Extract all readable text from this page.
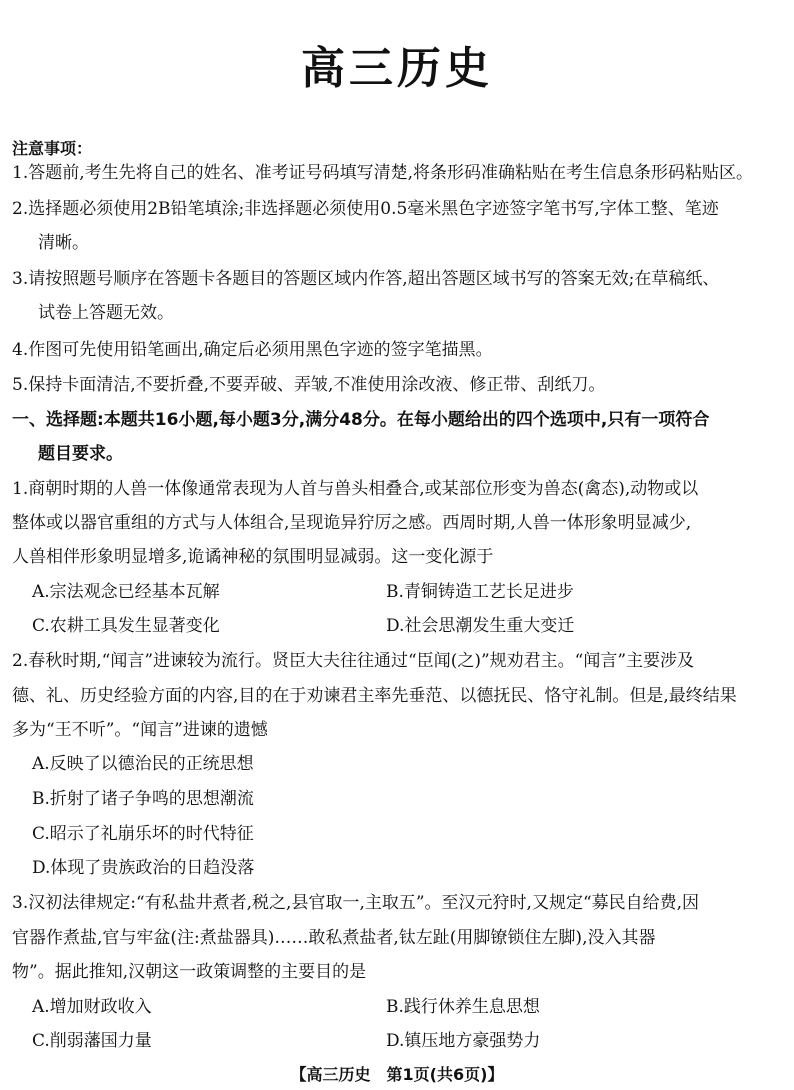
高三历史
注意事项：
1.答题前,考生先将自己的姓名、准考证号码填写清楚,将条形码准确粘贴在考生信息条形码粘贴区。
2.选择题必须使用2B铅笔填涂;非选择题必须使用0.5毫米黑色字迹签字笔书写,字体工整、笔迹
清晰。
3.请按照题号顺序在答题卡各题目的答题区域内作答,超出答题区域书写的答案无效;在草稿纸、
试卷上答题无效。
4.作图可先使用铅笔画出,确定后必须用黑色字迹的签字笔描黑。
5.保持卡面清洁,不要折叠,不要弄破、弄皱,不准使用涂改液、修正带、刮纸刀。
一、选择题:本题共16小题,每小题3分,满分48分。在每小题给出的四个选项中,只有一项符合
题目要求。
1.商朝时期的人兽一体像通常表现为人首与兽头相叠合,或某部位形变为兽态(禽态),动物或以
整体或以器官重组的方式与人体组合,呈现诡异狞厉之感。西周时期,人兽一体形象明显减少,
人兽相伴形象明显增多,诡谲神秘的氛围明显减弱。这一变化源于
A.宗法观念已经基本瓦解	B.青铜铸造工艺长足进步
C.农耕工具发生显著变化	D.社会思潮发生重大变迁
2.春秋时期,“闻言”进谏较为流行。贤臣大夫往往通过“臣闻(之)”规劝君主。“闻言”主要涉及
德、礼、历史经验方面的内容,目的在于劝谏君主率先垂范、以德抚民、恪守礼制。但是,最终结果
多为“王不听”。“闻言”进谏的遗憾
A.反映了以德治民的正统思想
B.折射了诸子争鸣的思想潮流
C.昭示了礼崩乐坏的时代特征
D.体现了贵族政治的日趋没落
3.汉初法律规定:“有私盐井煮者,税之,县官取一,主取五”。至汉元狩时,又规定“募民自给费,因
官器作煮盐,官与牢盆(注:煮盐器具)……敢私煮盐者,钛左趾(用脚镣锁住左脚),没入其器
物”。据此推知,汉朝这一政策调整的主要目的是
A.增加财政收入	B.践行休养生息思想
C.削弱藩国力量	D.镇压地方豪强势力
【高三历史　第1页(共6页)】
